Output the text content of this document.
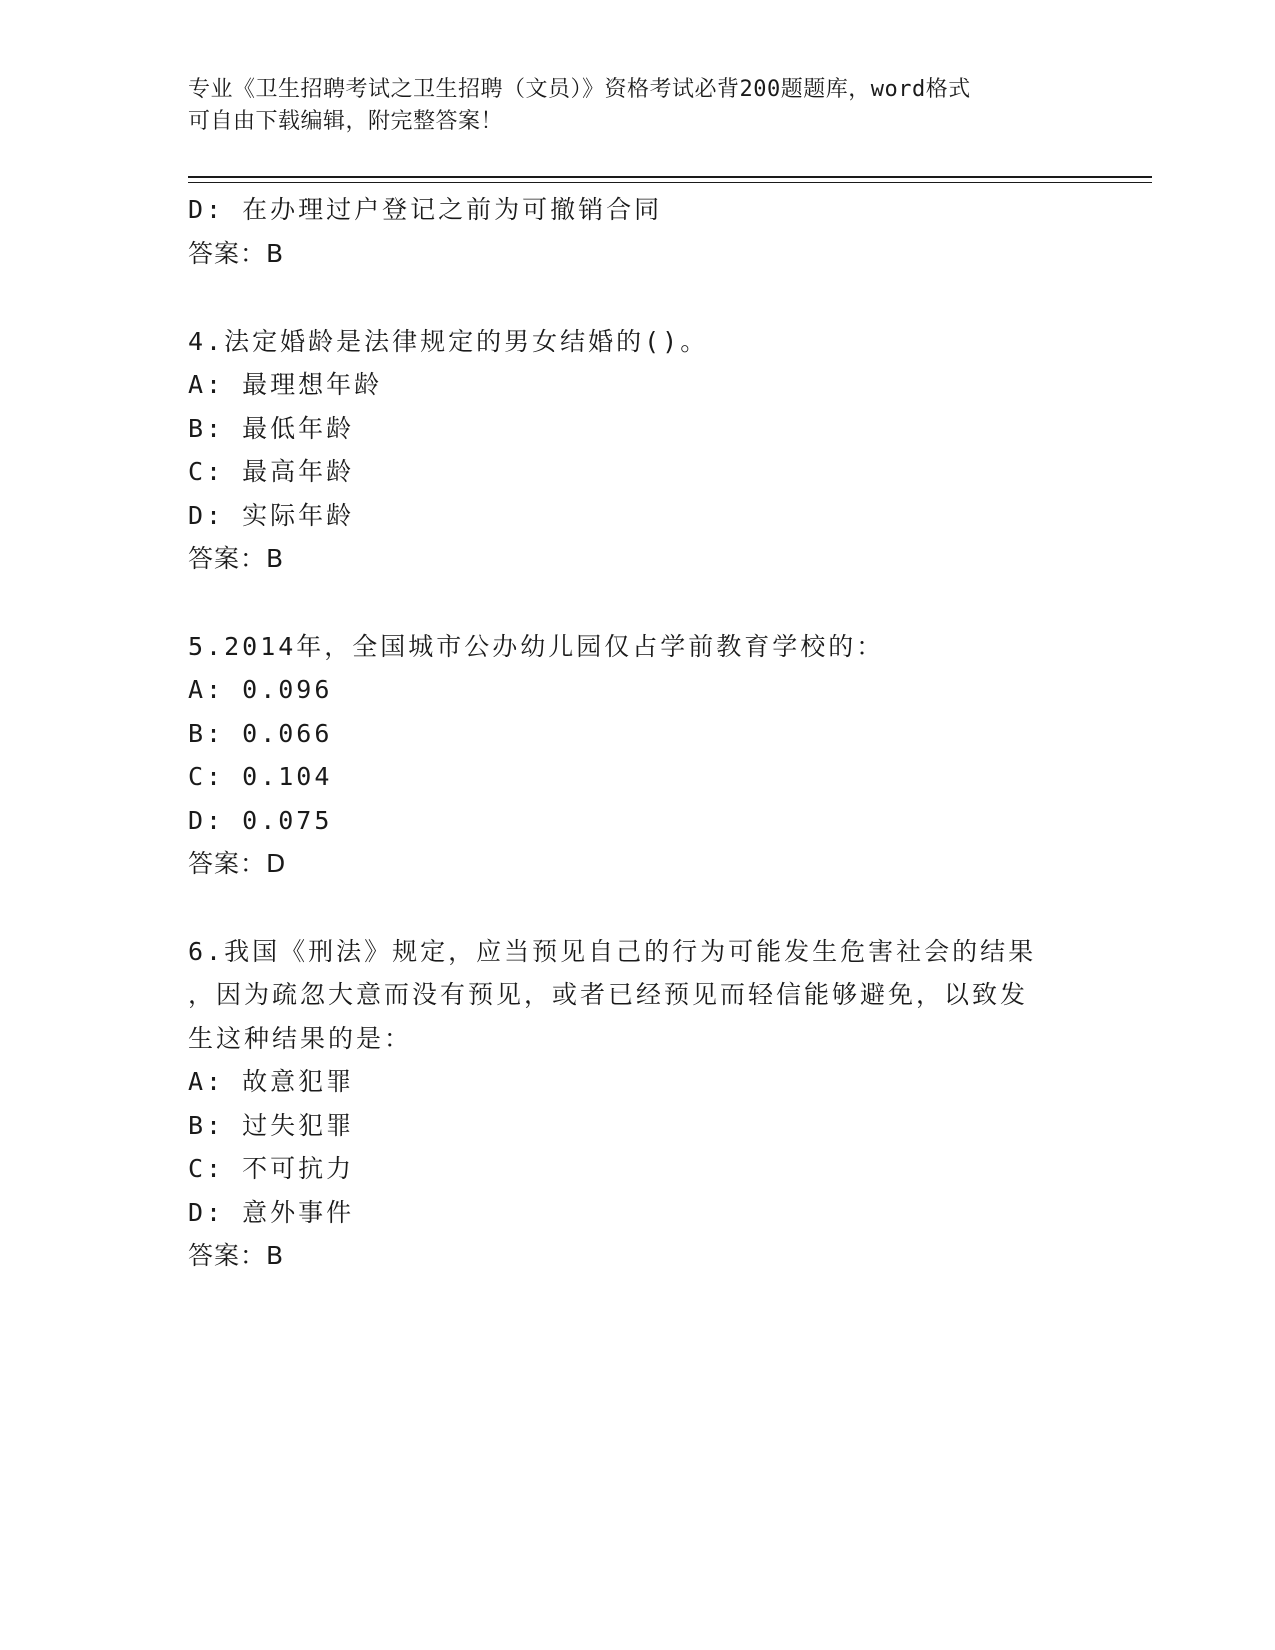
专业《卫生招聘考试之卫生招聘（文员）》资格考试必背200题题库，word格式
可自由下载编辑，附完整答案！
D: 在办理过户登记之前为可撤销合同
答案：B
4.法定婚龄是法律规定的男女结婚的()。
A: 最理想年龄
B: 最低年龄
C: 最高年龄
D: 实际年龄
答案：B
5.2014年，全国城市公办幼儿园仅占学前教育学校的：
A: 0.096
B: 0.066
C: 0.104
D: 0.075
答案：D
6.我国《刑法》规定，应当预见自己的行为可能发生危害社会的结果
，因为疏忽大意而没有预见，或者已经预见而轻信能够避免，以致发
生这种结果的是：
A: 故意犯罪
B: 过失犯罪
C: 不可抗力
D: 意外事件
答案：B
